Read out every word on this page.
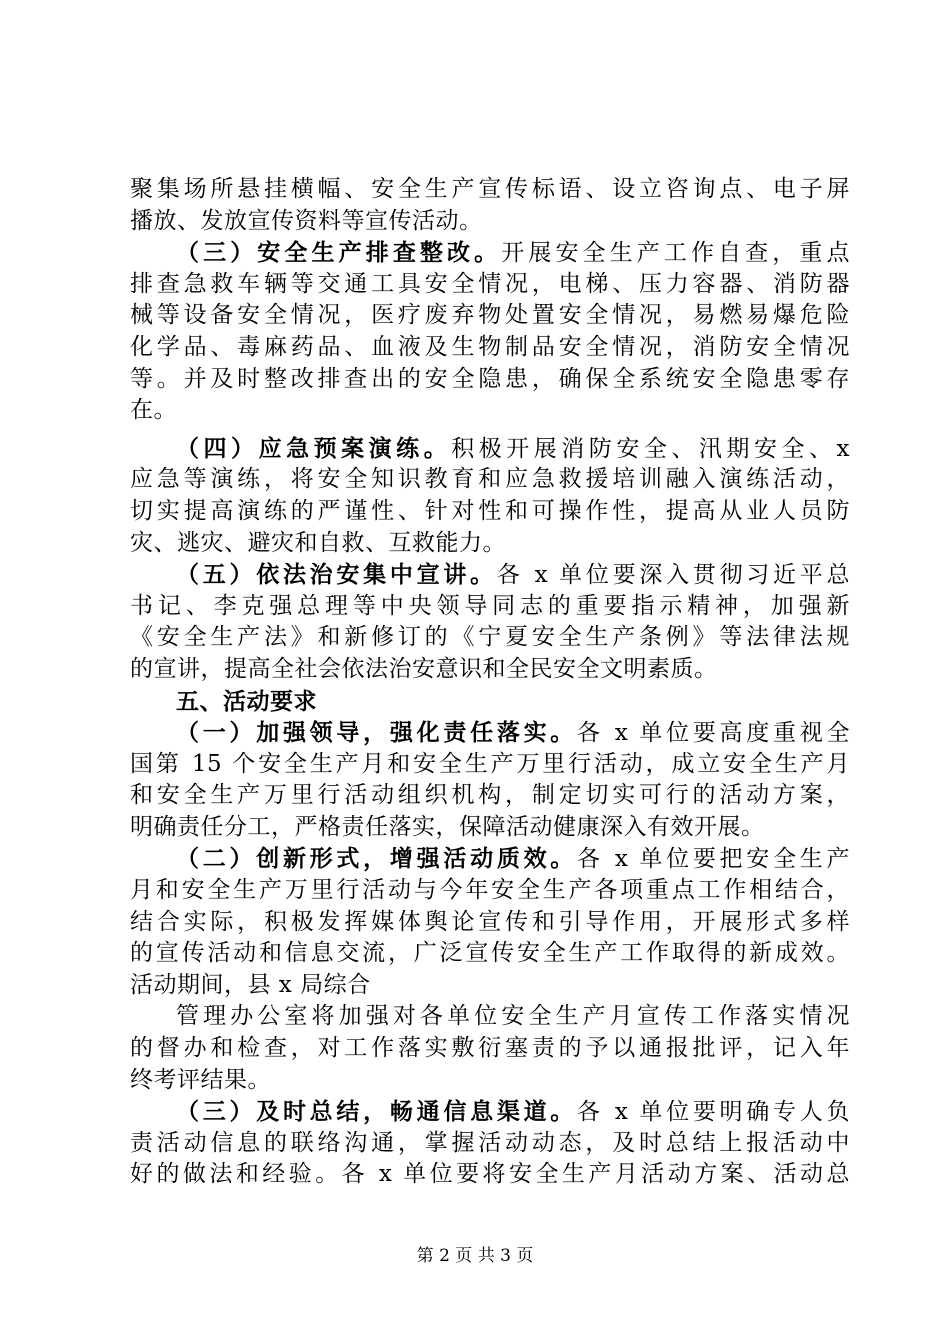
聚集场所悬挂横幅、安全生产宣传标语、设立咨询点、电子屏
播放、发放宣传资料等宣传活动。
（三）安全生产排查整改。开展安全生产工作自查，重点
排查急救车辆等交通工具安全情况，电梯、压力容器、消防器
械等设备安全情况，医疗废弃物处置安全情况，易燃易爆危险
化学品、毒麻药品、血液及生物制品安全情况，消防安全情况
等。并及时整改排查出的安全隐患，确保全系统安全隐患零存
在。
（四）应急预案演练。积极开展消防安全、汛期安全、x
应急等演练，将安全知识教育和应急救援培训融入演练活动，
切实提高演练的严谨性、针对性和可操作性，提高从业人员防
灾、逃灾、避灾和自救、互救能力。
（五）依法治安集中宣讲。各 x 单位要深入贯彻习近平总
书记、李克强总理等中央领导同志的重要指示精神，加强新
《安全生产法》和新修订的《宁夏安全生产条例》等法律法规
的宣讲，提高全社会依法治安意识和全民安全文明素质。
五、活动要求
（一）加强领导，强化责任落实。各 x 单位要高度重视全
国第 15 个安全生产月和安全生产万里行活动，成立安全生产月
和安全生产万里行活动组织机构，制定切实可行的活动方案，
明确责任分工，严格责任落实，保障活动健康深入有效开展。
（二）创新形式，增强活动质效。各 x 单位要把安全生产
月和安全生产万里行活动与今年安全生产各项重点工作相结合，
结合实际，积极发挥媒体舆论宣传和引导作用，开展形式多样
的宣传活动和信息交流，广泛宣传安全生产工作取得的新成效。
活动期间，县 x 局综合
管理办公室将加强对各单位安全生产月宣传工作落实情况
的督办和检查，对工作落实敷衍塞责的予以通报批评，记入年
终考评结果。
（三）及时总结，畅通信息渠道。各 x 单位要明确专人负
责活动信息的联络沟通，掌握活动动态，及时总结上报活动中
好的做法和经验。各 x 单位要将安全生产月活动方案、活动总
第 2 页 共 3 页
